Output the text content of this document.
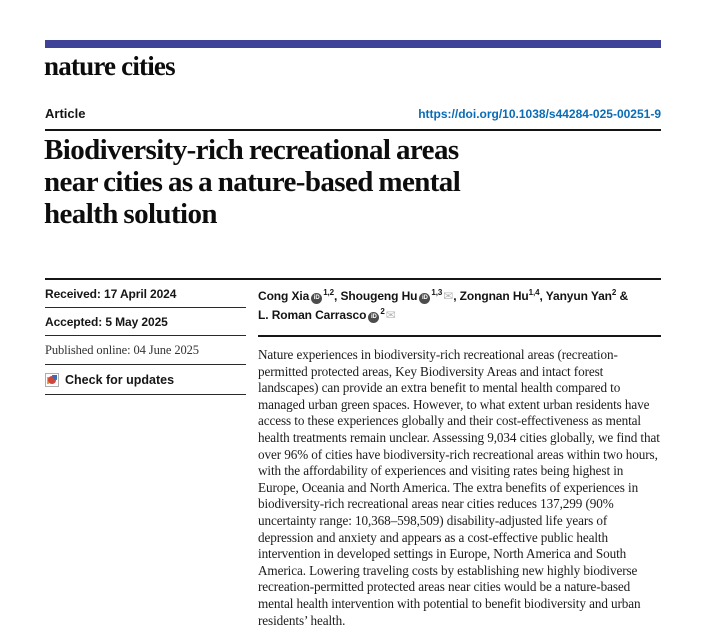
nature cities
Article	https://doi.org/10.1038/s44284-025-00251-9
Biodiversity-rich recreational areas
near cities as a nature-based mental
health solution
Received: 17 April 2024
Accepted: 5 May 2025
Published online: 04 June 2025
Check for updates
Cong Xia iD$^{1,2}$, Shougeng Hu iD$^{1,3}$✉, Zongnan Hu$^{1,4}$, Yanyun Yan$^2$ &
L. Roman Carrasco $iD^2✉$

Nature experiences in biodiversity-rich recreational areas (recreation-permitted protected areas, Key Biodiversity Areas and intact forest landscapes) can provide an extra benefit to mental health compared to managed urban green spaces. However, to what extent urban residents have access to these experiences globally and their cost-effectiveness as mental health treatments remain unclear. Assessing 9,034 cities globally, we find that over 96% of cities have biodiversity-rich recreational areas within two hours, with the affordability of experiences and visiting rates being highest in Europe, Oceania and North America. The extra benefits of experiences in biodiversity-rich recreational areas near cities reduces 137,299 (90% uncertainty range: 10,368–598,509) disability-adjusted life years of depression and anxiety and appears as a cost-effective public health intervention in developed settings in Europe, North America and South America. Lowering traveling costs by establishing new highly biodiverse recreation-permitted protected areas near cities would be a nature-based mental health intervention with potential to benefit biodiversity and urban residents’ health.
